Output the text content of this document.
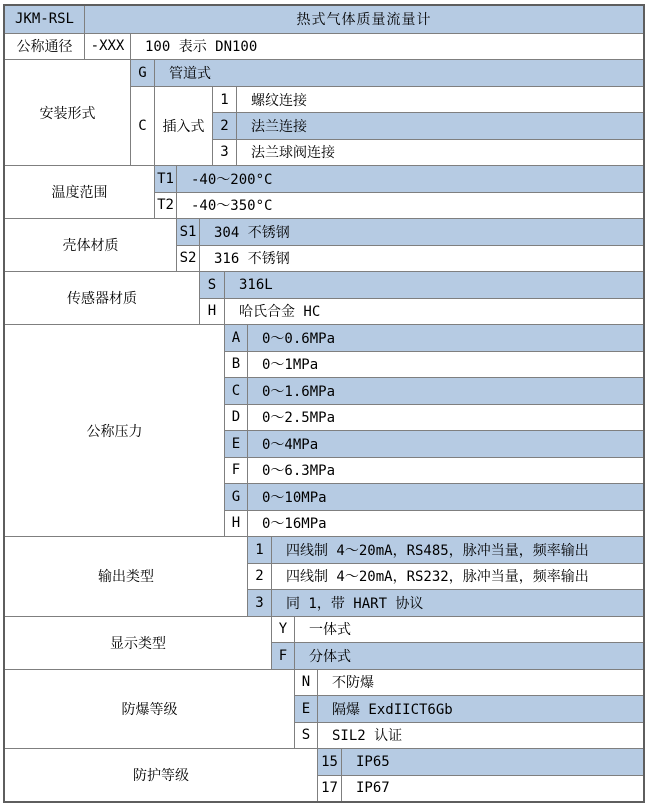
JKM-RSL	热式气体质量流量计
公称通径	-XXX	100 表示 DN100
安装形式
G	管道式
C	插入式
1	螺纹连接
2	法兰连接
3	法兰球阀连接
温度范围
T1	-40～200°C
T2	-40～350°C
壳体材质
S1	304 不锈钢
S2	316 不锈钢
传感器材质
S	316L
H	哈氏合金 HC
公称压力
A	0～0.6MPa
B	0～1MPa
C	0～1.6MPa
D	0～2.5MPa
E	0～4MPa
F	0～6.3MPa
G	0～10MPa
H	0～16MPa
输出类型
1	四线制 4～20mA，RS485，脉冲当量，频率输出
2	四线制 4～20mA，RS232，脉冲当量，频率输出
3	同 1，带 HART 协议
显示类型
Y	一体式
F	分体式
防爆等级
N	不防爆
E	隔爆 ExdIICT6Gb
S	SIL2 认证
防护等级
15	IP65
17	IP67
